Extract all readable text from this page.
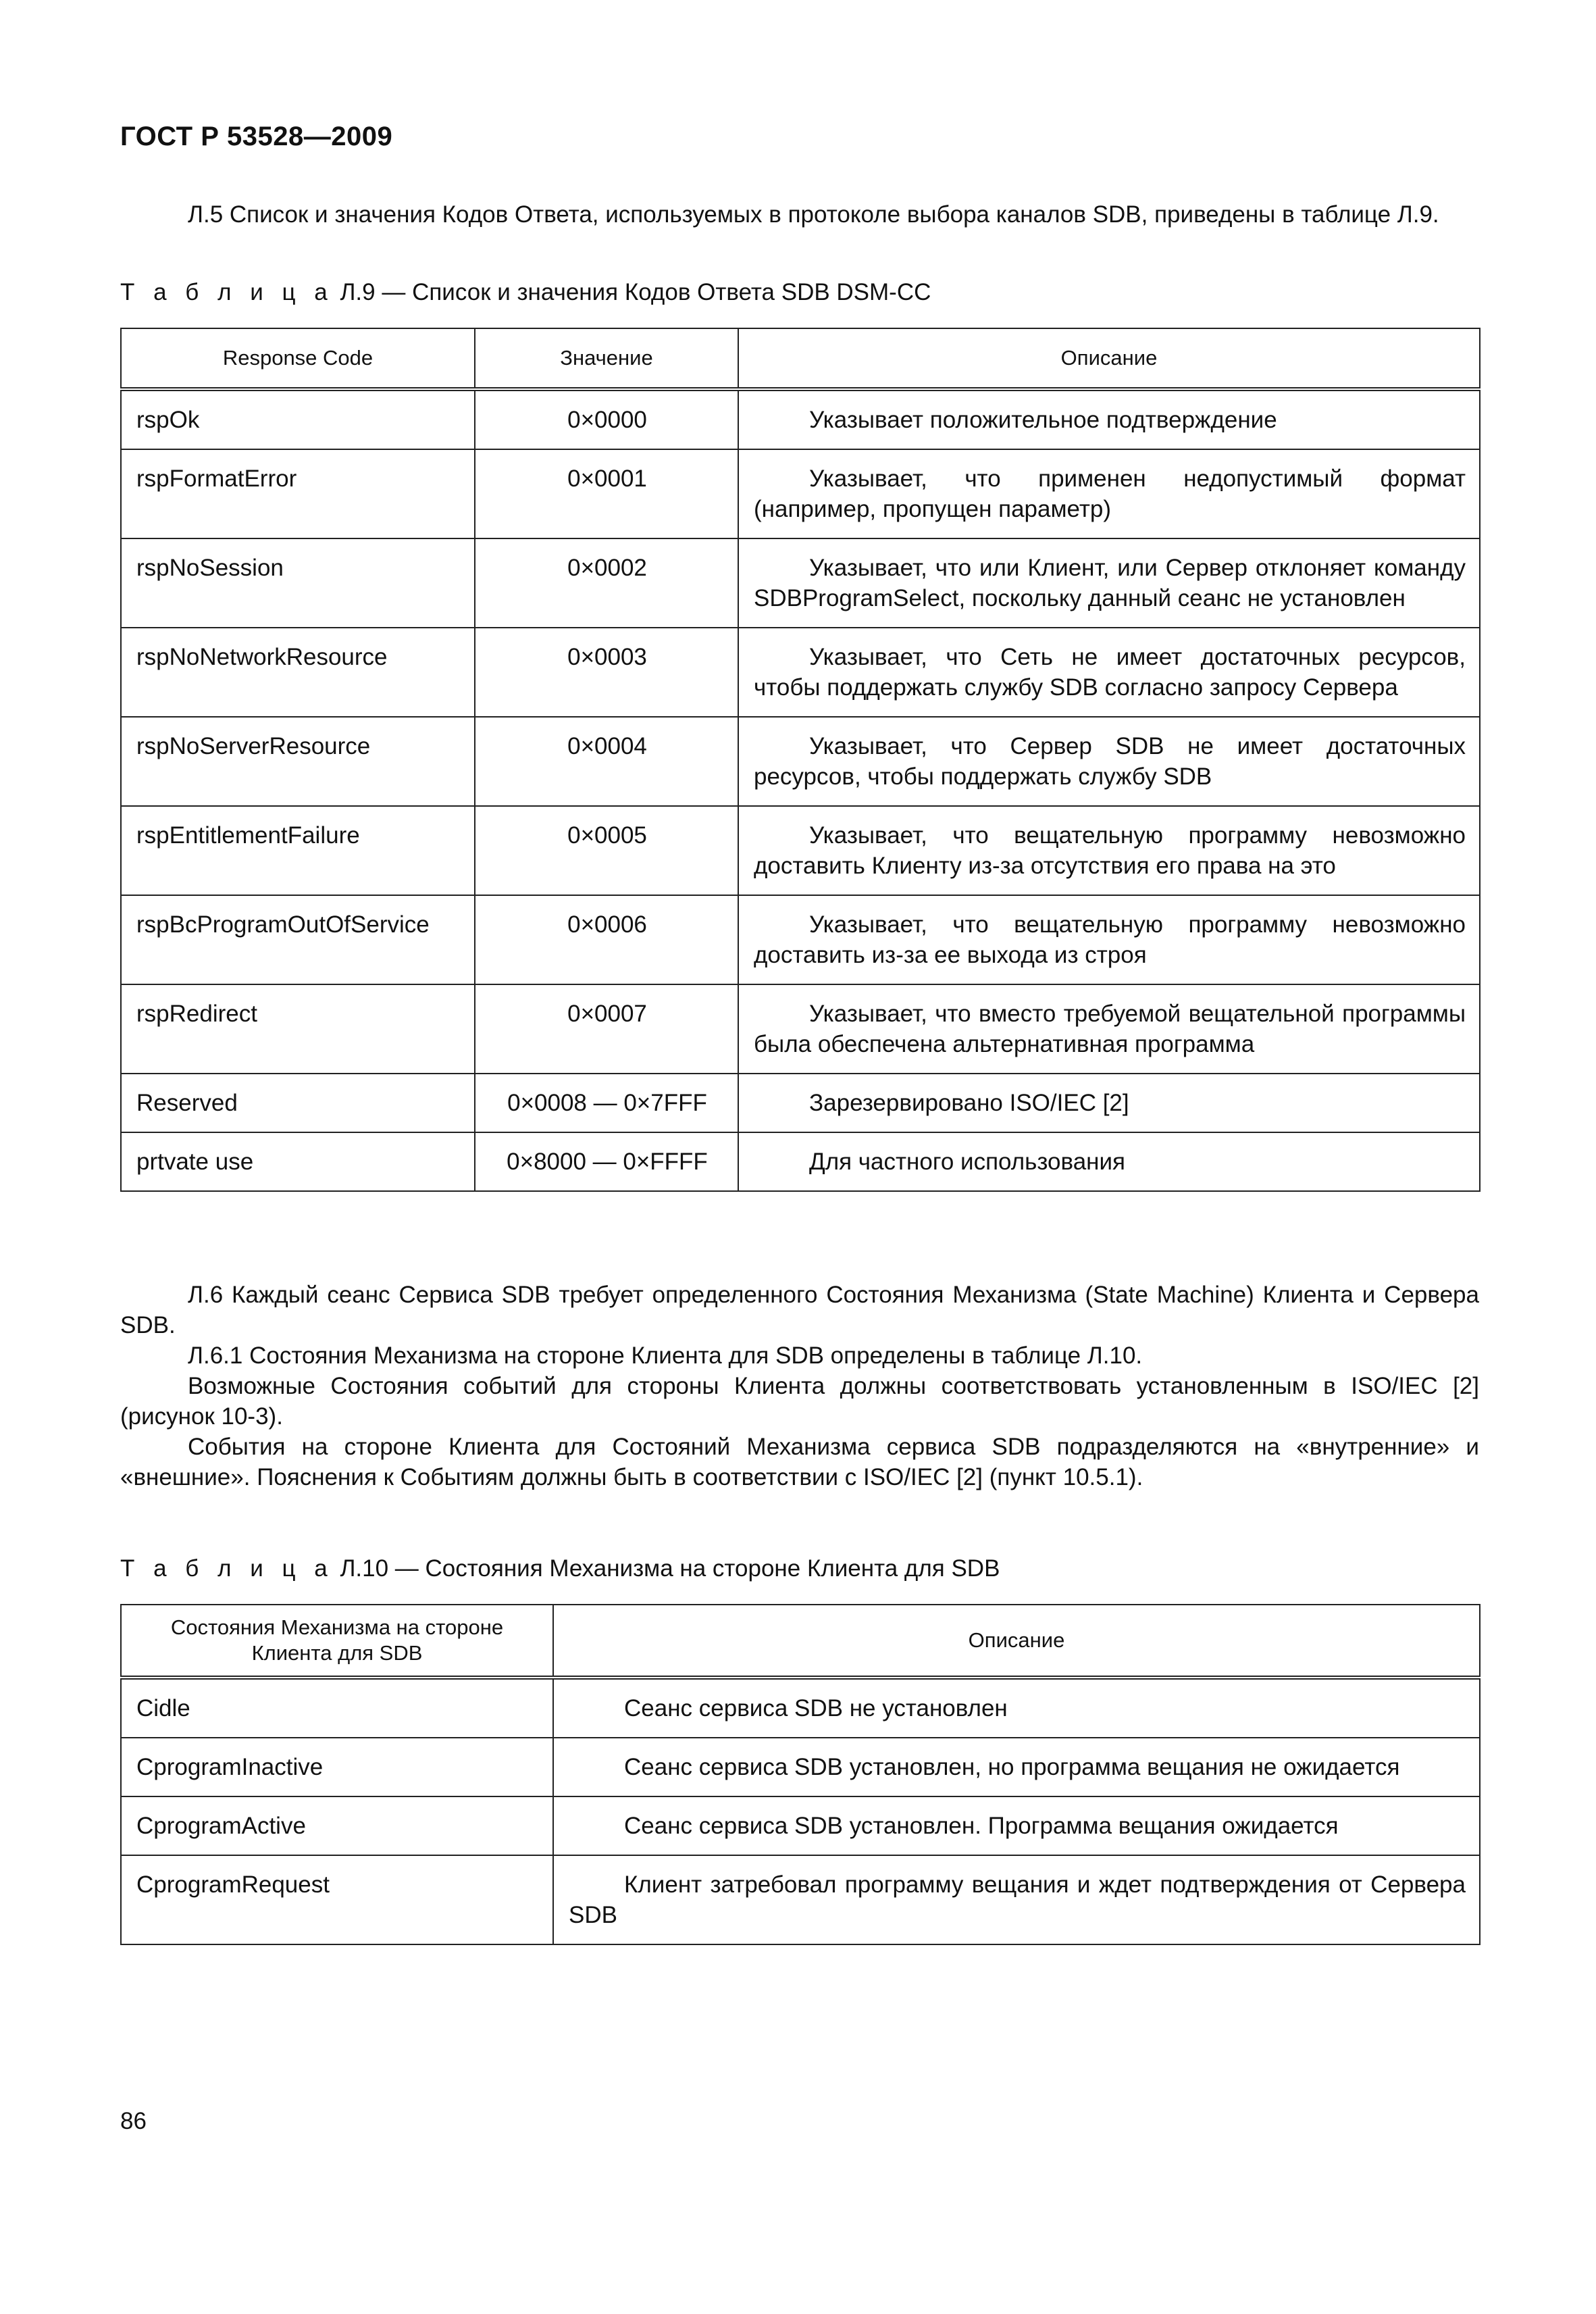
ГОСТ Р 53528—2009

Л.5 Список и значения Кодов Ответа, используемых в протоколе выбора каналов SDB, приведены в таблице Л.9.

Т а б л и ц а Л.9 — Список и значения Кодов Ответа SDB DSM-CC
Response Code	Значение	Описание
rspOk	0×0000	Указывает положительное подтверждение

rspFormatError	0×0001	Указывает, что применен недопустимый формат (например, пропущен параметр)

rspNoSession	0×0002	Указывает, что или Клиент, или Сервер отклоняет команду SDBProgramSelect, поскольку данный сеанс не установлен

rspNoNetworkResource	0×0003	Указывает, что Сеть не имеет достаточных ресурсов, чтобы поддержать службу SDB согласно запросу Сервера

rspNoServerResource	0×0004	Указывает, что Сервер SDB не имеет достаточных ресурсов, чтобы поддержать службу SDB

rspEntitlementFailure	0×0005	Указывает, что вещательную программу невозможно доставить Клиенту из-за отсутствия его права на это

rspBcProgramOutOfService	0×0006	Указывает, что вещательную программу невозможно доставить из-за ее выхода из строя

rspRedirect	0×0007	Указывает, что вместо требуемой вещательной программы была обеспечена альтернативная программа

Reserved	0×0008 — 0×7FFF	Зарезервировано ISO/IEC [2]

prtvate use	0×8000 — 0×FFFF	Для частного использования

Л.6 Каждый сеанс Сервиса SDB требует определенного Состояния Механизма (State Machine) Клиента и Сервера SDB.

Л.6.1 Состояния Механизма на стороне Клиента для SDB определены в таблице Л.10.

Возможные Состояния событий для стороны Клиента должны соответствовать установленным в ISO/IEC [2] (рисунок 10-3).

События на стороне Клиента для Состояний Механизма сервиса SDB подразделяются на «внутренние» и «внешние». Пояснения к Событиям должны быть в соответствии с ISO/IEC [2] (пункт 10.5.1).

Т а б л и ц а Л.10 — Состояния Механизма на стороне Клиента для SDB
Состояния Механизма на стороне Клиента для SDB	Описание
Cidle	Сеанс сервиса SDB не установлен

CprogramInactive	Сеанс сервиса SDB установлен, но программа вещания не ожидается

CprogramActive	Сеанс сервиса SDB установлен. Программа вещания ожидается

CprogramRequest	Клиент затребовал программу вещания и ждет подтверждения от Сервера SDB
86
